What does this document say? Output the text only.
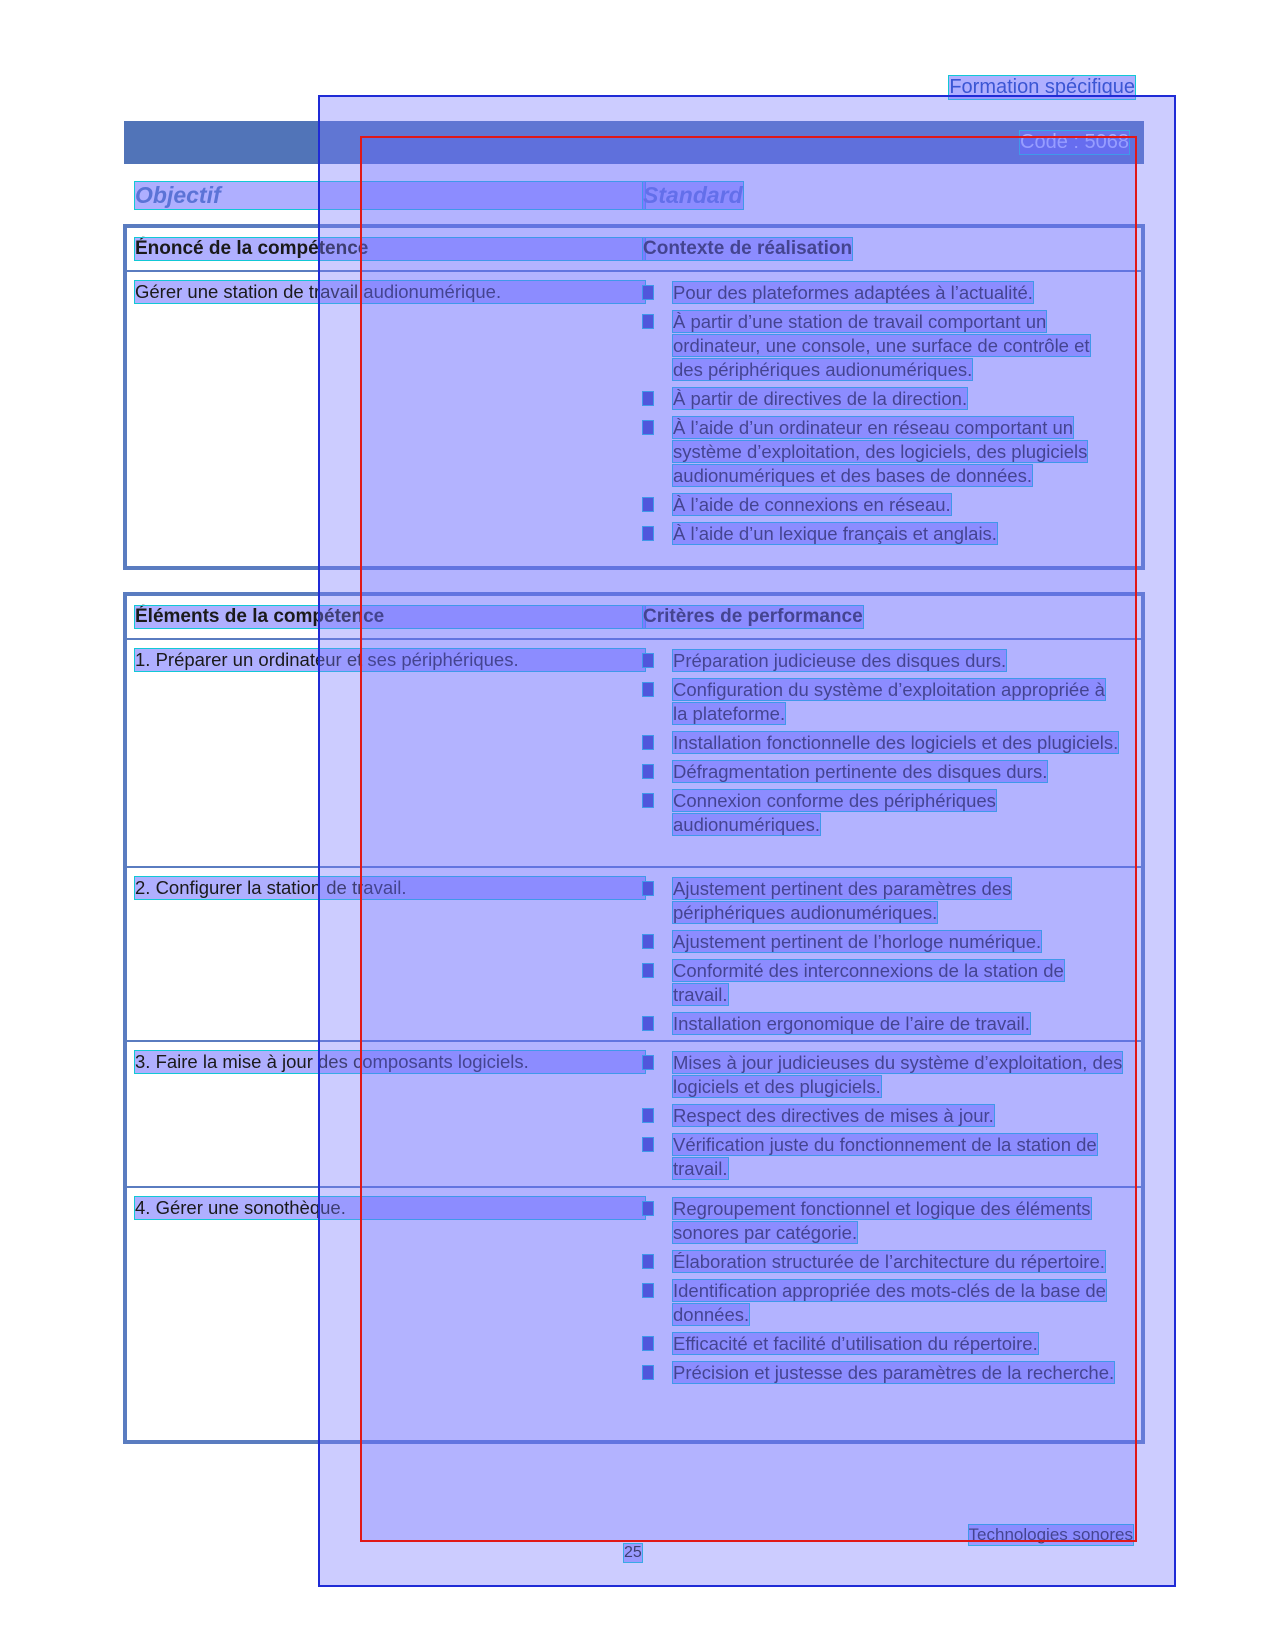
Formation spécifique
Code : 5068
Objectif	Standard
Énoncé de la compétence	Contexte de réalisation
Gérer une station de travail audionumérique.	Pour des plateformes adaptées à l’actualité.
À partir d’une station de travail comportant un ordinateur, une console, une surface de contrôle et des périphériques audionumériques.
À partir de directives de la direction.
À l’aide d’un ordinateur en réseau comportant un système d’exploitation, des logiciels, des plugiciels audionumériques et des bases de données.
À l’aide de connexions en réseau.
À l’aide d’un lexique français et anglais.
Éléments de la compétence	Critères de performance
1. Préparer un ordinateur et ses périphériques.	Préparation judicieuse des disques durs.
Configuration du système d’exploitation appropriée à la plateforme.
Installation fonctionnelle des logiciels et des plugiciels.
Défragmentation pertinente des disques durs.
Connexion conforme des périphériques audionumériques.
2. Configurer la station de travail.	Ajustement pertinent des paramètres des périphériques audionumériques.
Ajustement pertinent de l’horloge numérique.
Conformité des interconnexions de la station de travail.
Installation ergonomique de l’aire de travail.
3. Faire la mise à jour des composants logiciels.	Mises à jour judicieuses du système d’exploitation, des logiciels et des plugiciels.
Respect des directives de mises à jour.
Vérification juste du fonctionnement de la station de travail.
4. Gérer une sonothèque.	Regroupement fonctionnel et logique des éléments sonores par catégorie.
Élaboration structurée de l’architecture du répertoire.
Identification appropriée des mots-clés de la base de données.
Efficacité et facilité d’utilisation du répertoire.
Précision et justesse des paramètres de la recherche.
Technologies sonores
25
